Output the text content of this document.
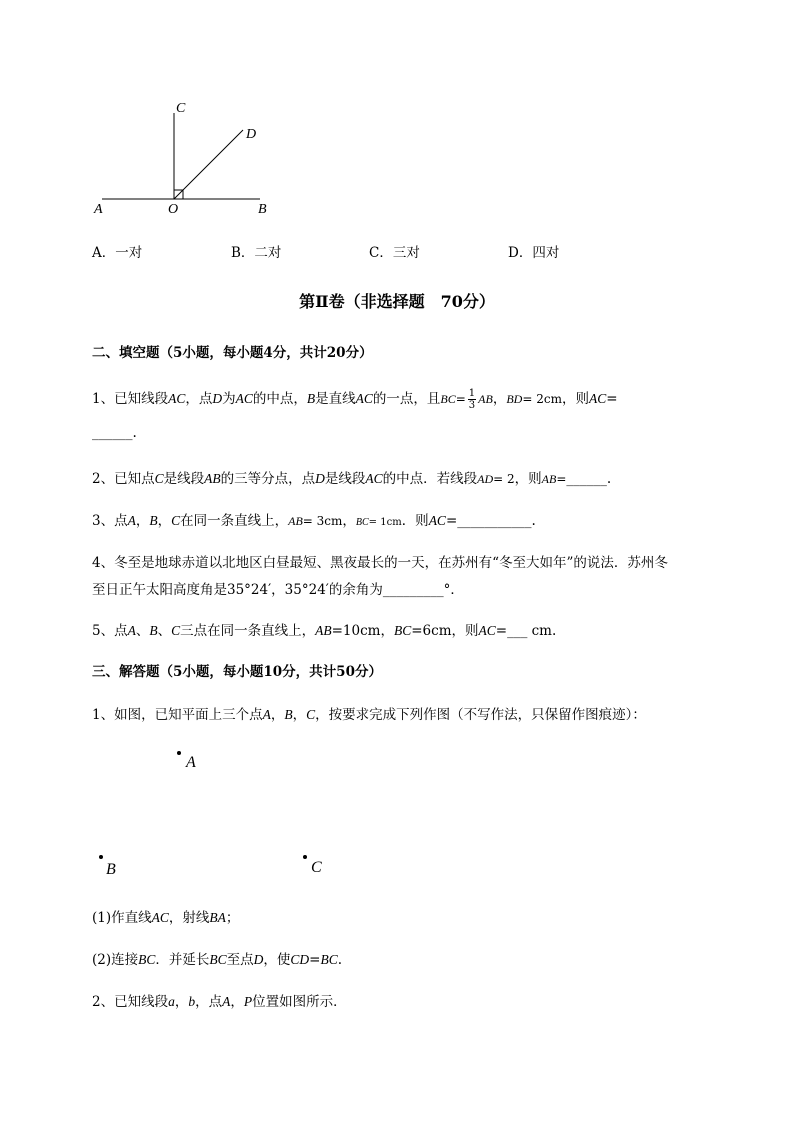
A	O	B
C
D
A．一对	B．二对	C．三对	D．四对
第Ⅱ卷（非选择题　70分）
二、填空题（5小题，每小题4分，共计20分）
1、已知线段AC，点D为AC的中点，B是直线AC的一点，且$BC= \frac{1}{3}$ AB，BD= 2cm，则AC=
______.
2、已知点C是线段AB的三等分点，点D是线段AC的中点．若线段AD= 2，则AB=______.
3、点A，B，C在同一条直线上，AB= 3cm，BC= 1cm．则AC=___________.
4、冬至是地球赤道以北地区白昼最短、黑夜最长的一天，在苏州有“冬至大如年”的说法．苏州冬
至日正午太阳高度角是35°24′，35°24′的余角为_________°．
5、点A、B、C三点在同一条直线上，AB=10cm，BC=6cm，则AC=___ cm.
三、解答题（5小题，每小题10分，共计50分）
1、如图，已知平面上三个点A，B，C，按要求完成下列作图（不写作法，只保留作图痕迹）：
A
B	C
(1)作直线AC，射线BA；
(2)连接BC．并延长BC至点D，使CD=BC.
2、已知线段a，b，点A，P位置如图所示．
